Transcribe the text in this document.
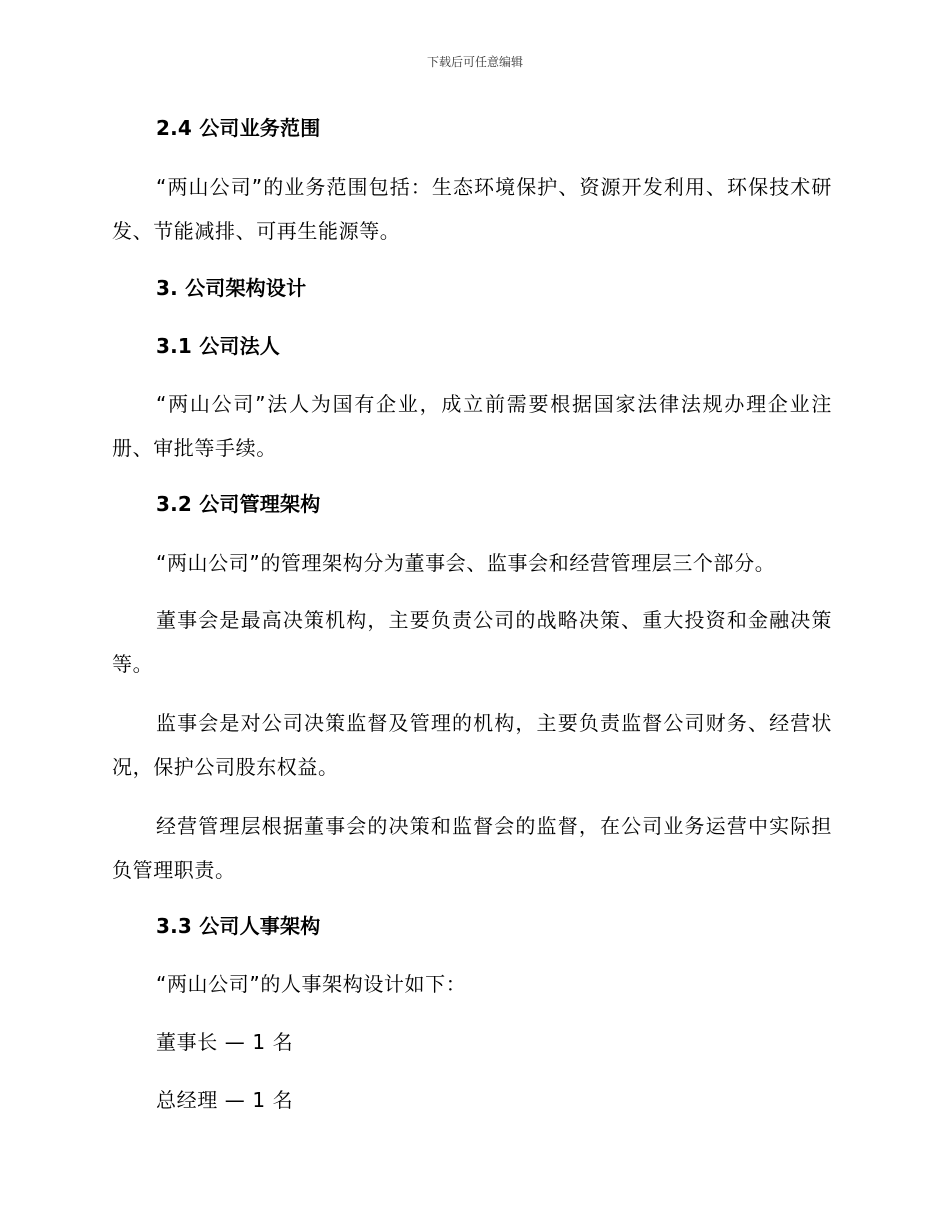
下载后可任意编辑
2.4 公司业务范围
“两山公司”的业务范围包括：生态环境保护、资源开发利用、环保技术研发、节能减排、可再生能源等。
3. 公司架构设计
3.1 公司法人
“两山公司”法人为国有企业，成立前需要根据国家法律法规办理企业注册、审批等手续。
3.2 公司管理架构
“两山公司”的管理架构分为董事会、监事会和经营管理层三个部分。
董事会是最高决策机构，主要负责公司的战略决策、重大投资和金融决策等。
监事会是对公司决策监督及管理的机构，主要负责监督公司财务、经营状况，保护公司股东权益。
经营管理层根据董事会的决策和监督会的监督，在公司业务运营中实际担负管理职责。
3.3 公司人事架构
“两山公司”的人事架构设计如下：
董事长 — 1 名
总经理 — 1 名
